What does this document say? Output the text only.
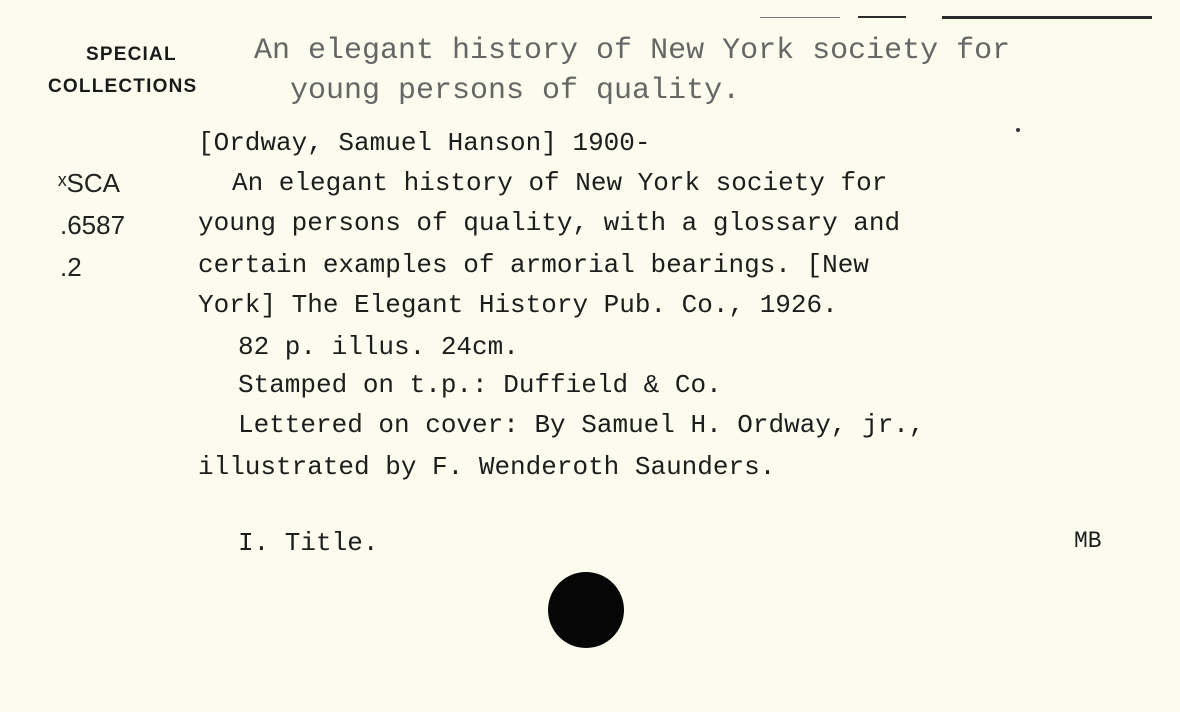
SPECIAL
COLLECTIONS
An elegant history of New York society for
young persons of quality.
[Ordway, Samuel Hanson] 1900-
ˣSCA
.6587
.2
An elegant history of New York society for
young persons of quality, with a glossary and
certain examples of armorial bearings. [New
York] The Elegant History Pub. Co., 1926.
82 p. illus. 24cm.
Stamped on t.p.: Duffield & Co.
Lettered on cover: By Samuel H. Ordway, jr.,
illustrated by F. Wenderoth Saunders.
I. Title.	MB
